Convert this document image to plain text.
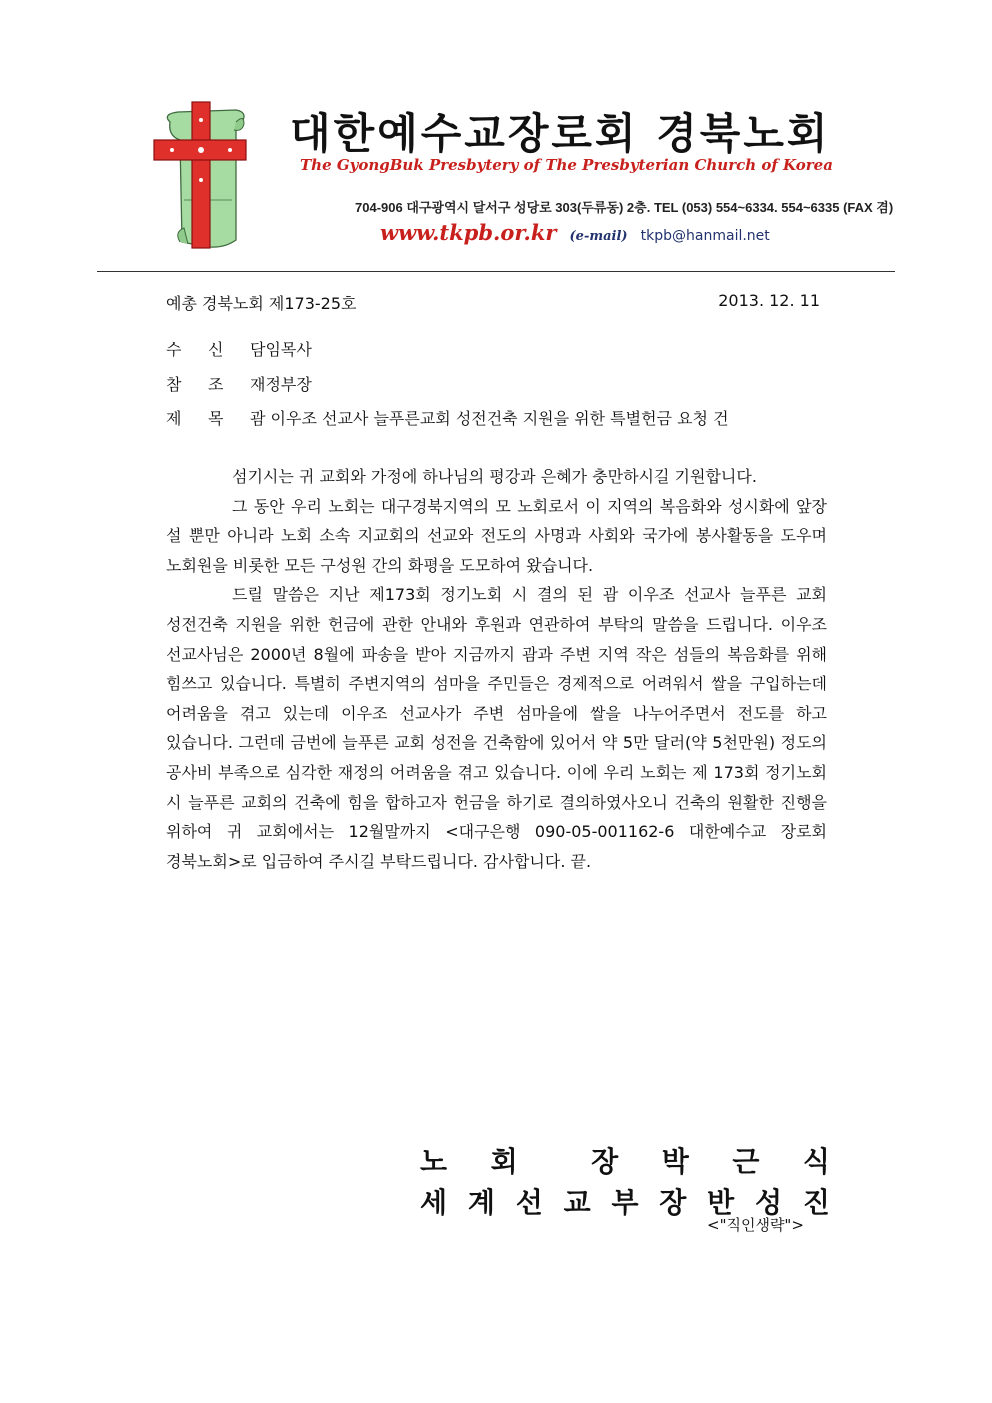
대한예수교장로회 경북노회

The GyongBuk Presbytery of The Presbyterian Church of Korea

704-906 대구광역시 달서구 성당로 303(두류동) 2층. TEL (053) 554~6334. 554~6335 (FAX 겸)

www.tkpb.or.kr (e-mail) tkpb@hanmail.net
예총 경북노회 제173-25호	2013. 12. 11
수 신 담임목사
참 조 재정부장
제 목 괌 이우조 선교사 늘푸른교회 성전건축 지원을 위한 특별헌금 요청 건

섬기시는 귀 교회와 가정에 하나님의 평강과 은혜가 충만하시길 기원합니다.

그 동안 우리 노회는 대구경북지역의 모 노회로서 이 지역의 복음화와 성시화에 앞장 설 뿐만 아니라 노회 소속 지교회의 선교와 전도의 사명과 사회와 국가에 봉사활동을 도우며 노회원을 비롯한 모든 구성원 간의 화평을 도모하여 왔습니다.

드릴 말씀은 지난 제173회 정기노회 시 결의 된 괌 이우조 선교사 늘푸른 교회 성전건축 지원을 위한 헌금에 관한 안내와 후원과 연관하여 부탁의 말씀을 드립니다. 이우조 선교사님은 2000년 8월에 파송을 받아 지금까지 괌과 주변 지역 작은 섬들의 복음화를 위해 힘쓰고 있습니다. 특별히 주변지역의 섬마을 주민들은 경제적으로 어려워서 쌀을 구입하는데 어려움을 겪고 있는데 이우조 선교사가 주변 섬마을에 쌀을 나누어주면서 전도를 하고 있습니다. 그런데 금번에 늘푸른 교회 성전을 건축함에 있어서 약 5만 달러(약 5천만원) 정도의 공사비 부족으로 심각한 재정의 어려움을 겪고 있습니다. 이에 우리 노회는 제 173회 정기노회 시 늘푸른 교회의 건축에 힘을 합하고자 헌금을 하기로 결의하였사오니 건축의 원활한 진행을 위하여 귀 교회에서는 12월말까지 <대구은행 090-05-001162-6 대한예수교 장로회 경북노회>로 입금하여 주시길 부탁드립니다. 감사합니다. 끝.

노 회	장 박 근 식
세 계 선 교 부 장 반 성 진
<"직인생략">
